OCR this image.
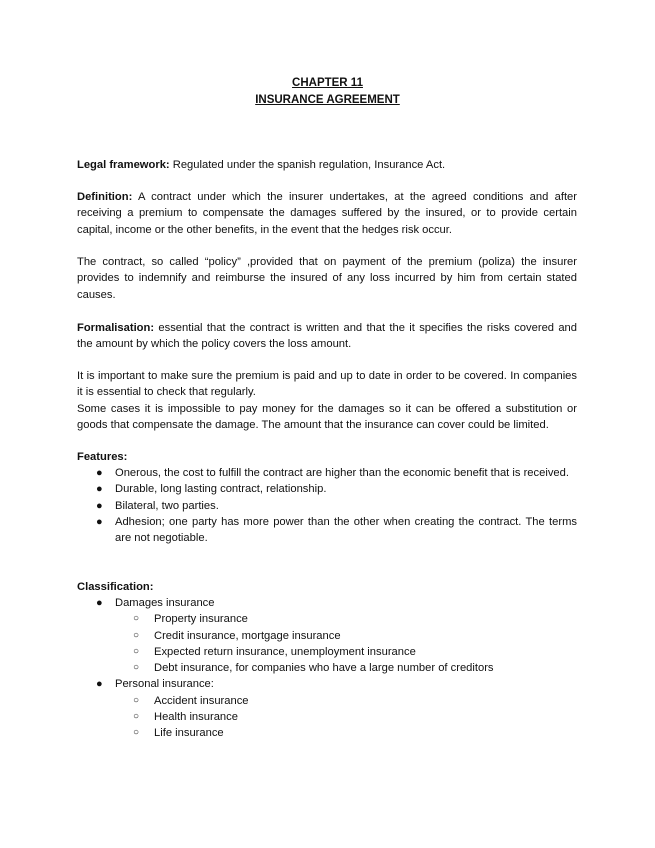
CHAPTER 11
INSURANCE AGREEMENT
Legal framework: Regulated under the spanish regulation, Insurance Act.
Definition: A contract under which the insurer undertakes, at the agreed conditions and after receiving a premium to compensate the damages suffered by the insured, or to provide certain capital, income or the other benefits, in the event that the hedges risk occur.
The contract, so called “policy” ,provided that on payment of the premium (poliza) the insurer provides to indemnify and reimburse the insured of any loss incurred by him from certain stated causes.
Formalisation: essential that the contract is written and that the it specifies the risks covered and the amount by which the policy covers the loss amount.
It is important to make sure the premium is paid and up to date in order to be covered. In companies it is essential to check that regularly.
Some cases it is impossible to pay money for the damages so it can be offered a substitution or goods that compensate the damage. The amount that the insurance can cover could be limited.
Features:
● Onerous, the cost to fulfill the contract are higher than the economic benefit that is received.
● Durable, long lasting contract, relationship.
● Bilateral, two parties.
● Adhesion; one party has more power than the other when creating the contract. The terms are not negotiable.
Classification:
● Damages insurance
○ Property insurance
○ Credit insurance, mortgage insurance
○ Expected return insurance, unemployment insurance
○ Debt insurance, for companies who have a large number of creditors
● Personal insurance:
○ Accident insurance
○ Health insurance
○ Life insurance
